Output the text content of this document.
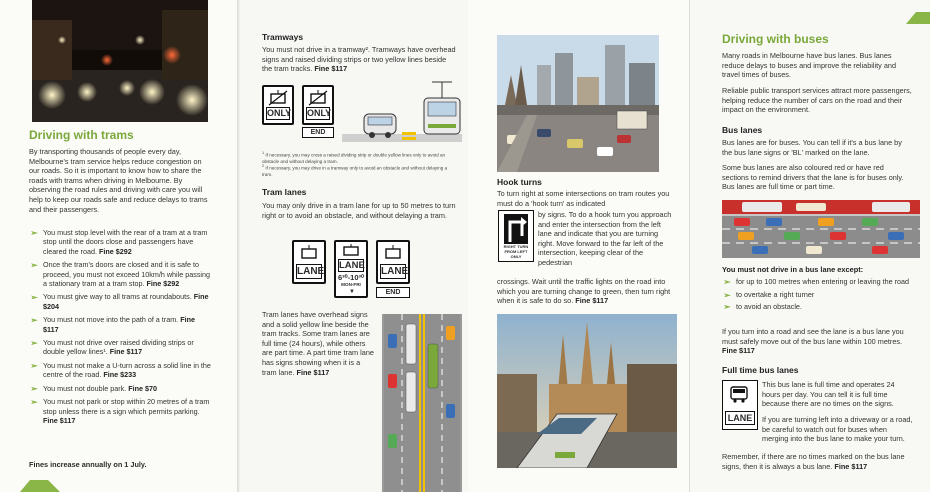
Driving with trams

By transporting thousands of people every day, Melbourne's tram service helps reduce congestion on our roads. So it is important to know how to share the roads with trams when driving in Melbourne. By observing the road rules and driving with care you will help to keep our roads safe and reduce delays to trams and their passengers.

You must stop level with the rear of a tram at a tram stop until the doors close and passengers have cleared the road. Fine $292
Once the tram's doors are closed and it is safe to proceed, you must not exceed 10km/h while passing a stationary tram at a tram stop. Fine $292
You must give way to all trams at roundabouts. Fine $204
You must not move into the path of a tram. Fine $117
You must not drive over raised dividing strips or double yellow lines¹. Fine $117
You must not make a U-turn across a solid line in the centre of the road. Fine $233
You must not double park. Fine $70
You must not park or stop within 20 metres of a tram stop unless there is a sign which permits parking. Fine $117

Fines increase annually on 1 July.

Tramways

You must not drive in a tramway². Tramways have overhead signs and raised dividing strips or two yellow lines beside the tram tracks. Fine $117

ONLY ONLY
END

$^1$ If necessary, you may cross a raised dividing strip or double yellow lines only to avoid an obstacle and without delaying a tram.

$^2$ If necessary, you may drive in a tramway only to avoid an obstacle and without delaying a tram.

Tram lanes

You may only drive in a tram lane for up to 50 metres to turn right or to avoid an obstacle, and without delaying a tram.

LANE
LANE
6³⁰-10³⁰
MON-FRI
▼
LANE
END

Tram lanes have overhead signs and a solid yellow line beside the tram tracks. Some tram lanes are full time (24 hours), while others are part time. A part time tram lane has signs showing when it is a tram lane. Fine $117

Hook turns

To turn right at some intersections on tram routes you must do a 'hook turn' as indicated

RIGHT TURN FROM LEFT ONLY

by signs. To do a hook turn you approach and enter the intersection from the left lane and indicate that you are turning right. Move forward to the far left of the intersection, keeping clear of the pedestrian

crossings. Wait until the traffic lights on the road into which you are turning change to green, then turn right when it is safe to do so. Fine $117

Driving with buses

Many roads in Melbourne have bus lanes. Bus lanes reduce delays to buses and improve the reliability and travel times of buses.

Reliable public transport services attract more passengers, helping reduce the number of cars on the road and their impact on the environment.

Bus lanes

Bus lanes are for buses. You can tell if it's a bus lane by the bus lane signs or 'BL' marked on the lane.

Some bus lanes are also coloured red or have red sections to remind drivers that the lane is for buses only. Bus lanes are full time or part time.

You must not drive in a bus lane except:
for up to 100 metres when entering or leaving the road
to overtake a right turner
to avoid an obstacle.

If you turn into a road and see the lane is a bus lane you must safely move out of the bus lane within 100 metres. Fine $117

Full time bus lanes
LANE

This bus lane is full time and operates 24 hours per day. You can tell it is full time because there are no times on the signs.

If you are turning left into a driveway or a road, be careful to watch out for buses when merging into the bus lane to make your turn.

Remember, if there are no times marked on the bus lane signs, then it is always a bus lane. Fine $117
